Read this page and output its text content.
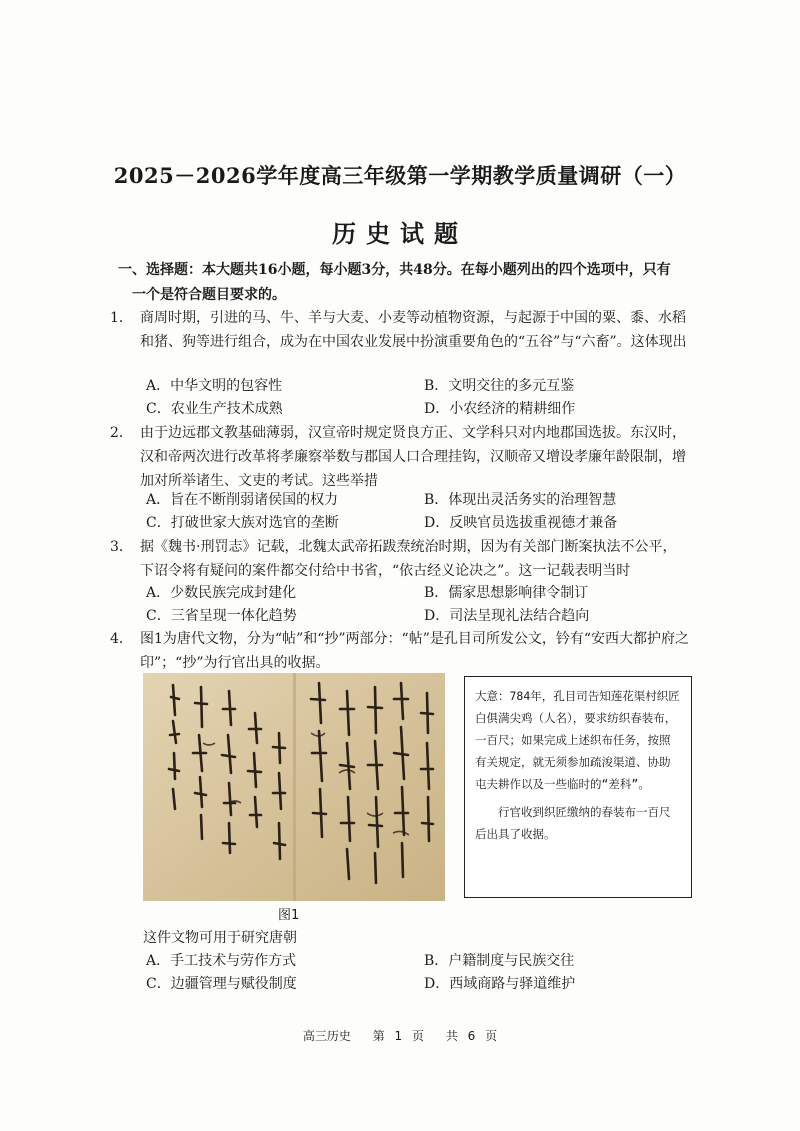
2025－2026学年度高三年级第一学期教学质量调研（一）
历史试题
一、选择题：本大题共16小题，每小题3分，共48分。在每小题列出的四个选项中，只有
一个是符合题目要求的。
1． 商周时期，引进的马、牛、羊与大麦、小麦等动植物资源，与起源于中国的粟、黍、水稻和猪、狗等进行组合，成为在中国农业发展中扮演重要角色的“五谷”与“六畜”。这体现出
A．中华文明的包容性	B．文明交往的多元互鉴
C．农业生产技术成熟	D．小农经济的精耕细作
2． 由于边远郡文教基础薄弱，汉宣帝时规定贤良方正、文学科只对内地郡国选拔。东汉时，汉和帝两次进行改革将孝廉察举数与郡国人口合理挂钩，汉顺帝又增设孝廉年龄限制，增加对所举诸生、文吏的考试。这些举措
A．旨在不断削弱诸侯国的权力	B．体现出灵活务实的治理智慧
C．打破世家大族对选官的垄断	D．反映官员选拔重视德才兼备
3． 据《魏书·刑罚志》记载，北魏太武帝拓跋焘统治时期，因为有关部门断案执法不公平，下诏令将有疑问的案件都交付给中书省，“依古经义论决之”。这一记载表明当时
A．少数民族完成封建化	B．儒家思想影响律令制订
C．三省呈现一体化趋势	D．司法呈现礼法结合趋向
4． 图1为唐代文物，分为“帖”和“抄”两部分：“帖”是孔目司所发公文，钤有“安西大都护府之印”；“抄”为行官出具的收据。

大意：784年，孔目司告知莲花渠村织匠白俱满尖鸡（人名），要求纺织春装布，一百尺；如果完成上述织布任务，按照有关规定，就无须参加疏浚渠道、协助屯夫耕作以及一些临时的“差科”。

行官收到织匠缴纳的春装布一百尺后出具了收据。

图1
这件文物可用于研究唐朝
A．手工技术与劳作方式	B．户籍制度与民族交往
C．边疆管理与赋役制度	D．西域商路与驿道维护
高三历史 第 1 页 共 6 页
